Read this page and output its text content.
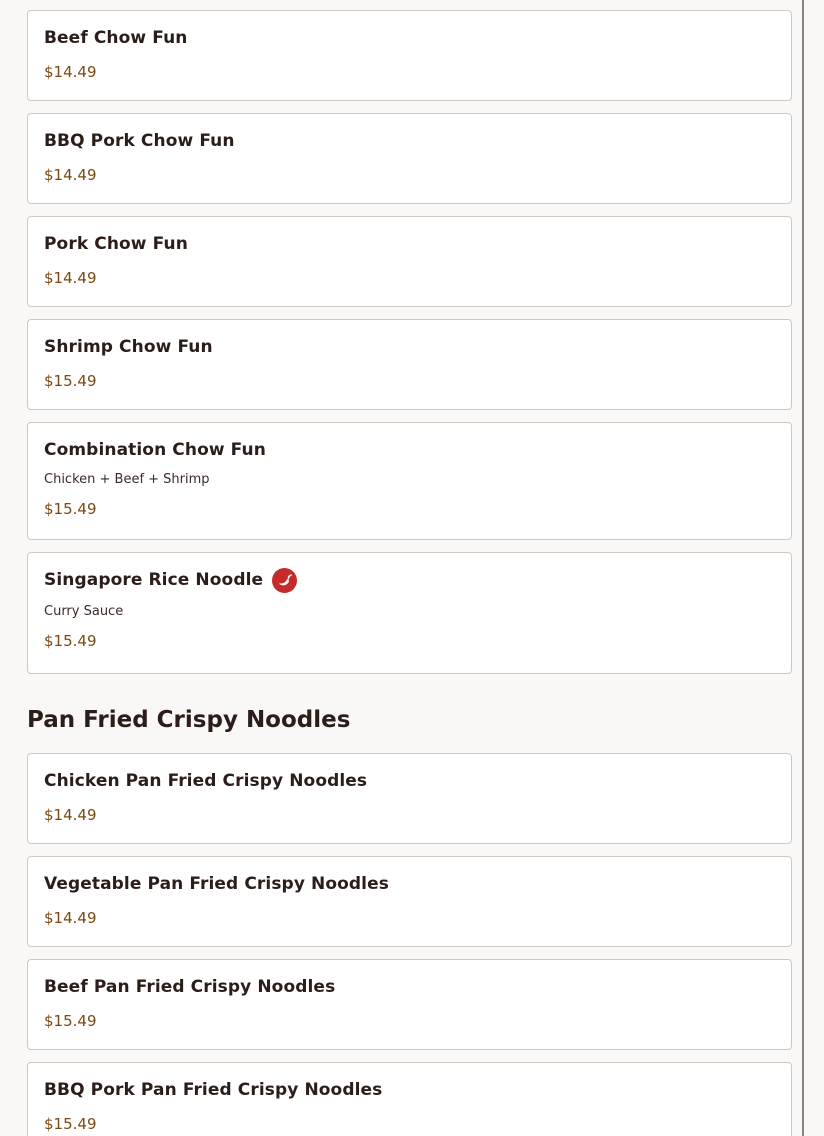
Beef Chow Fun
$14.49
BBQ Pork Chow Fun
$14.49
Pork Chow Fun
$14.49
Shrimp Chow Fun
$15.49
Combination Chow Fun
Chicken + Beef + Shrimp
$15.49
Singapore Rice Noodle
Curry Sauce
$15.49
Pan Fried Crispy Noodles
Chicken Pan Fried Crispy Noodles
$14.49
Vegetable Pan Fried Crispy Noodles
$14.49
Beef Pan Fried Crispy Noodles
$15.49
BBQ Pork Pan Fried Crispy Noodles
$15.49
